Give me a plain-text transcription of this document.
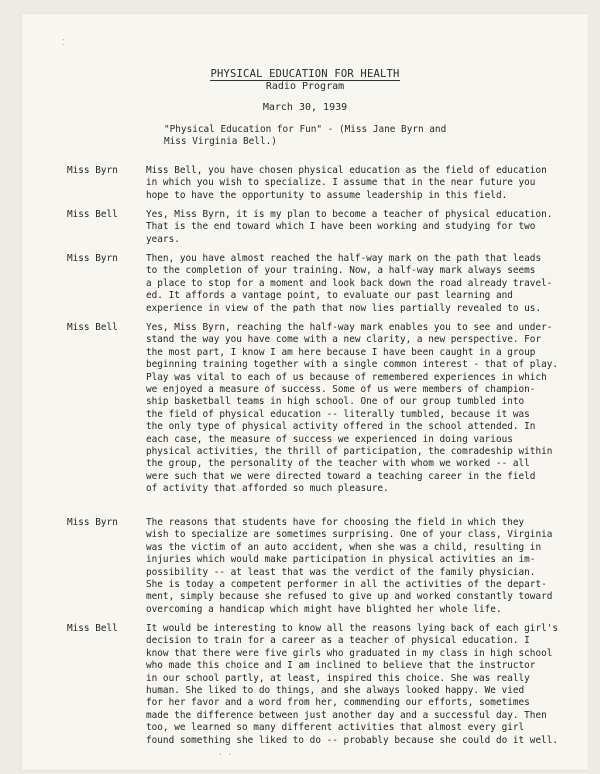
PHYSICAL EDUCATION FOR HEALTH
Radio Program
March 30, 1939
"Physical Education for Fun" - (Miss Jane Byrn and
Miss Virginia Bell.)
Miss Byrn	Miss Bell, you have chosen physical education as the field of education
in which you wish to specialize. I assume that in the near future you
hope to have the opportunity to assume leadership in this field.
Miss Bell	Yes, Miss Byrn, it is my plan to become a teacher of physical education.
That is the end toward which I have been working and studying for two
years.
Miss Byrn	Then, you have almost reached the half-way mark on the path that leads
to the completion of your training. Now, a half-way mark always seems
a place to stop for a moment and look back down the road already travel-
ed. It affords a vantage point, to evaluate our past learning and
experience in view of the path that now lies partially revealed to us.
Miss Bell	Yes, Miss Byrn, reaching the half-way mark enables you to see and under-
stand the way you have come with a new clarity, a new perspective. For
the most part, I know I am here because I have been caught in a group
beginning training together with a single common interest - that of play.
Play was vital to each of us because of remembered experiences in which
we enjoyed a measure of success. Some of us were members of champion-
ship basketball teams in high school. One of our group tumbled into
the field of physical education -- literally tumbled, because it was
the only type of physical activity offered in the school attended. In
each case, the measure of success we experienced in doing various
physical activities, the thrill of participation, the comradeship within
the group, the personality of the teacher with whom we worked -- all
were such that we were directed toward a teaching career in the field
of activity that afforded so much pleasure.
Miss Byrn	The reasons that students have for choosing the field in which they
wish to specialize are sometimes surprising. One of your class, Virginia
was the victim of an auto accident, when she was a child, resulting in
injuries which would make participation in physical activities an im-
possibility -- at least that was the verdict of the family physician.
She is today a competent performer in all the activities of the depart-
ment, simply because she refused to give up and worked constantly toward
overcoming a handicap which might have blighted her whole life.
Miss Bell	It would be interesting to know all the reasons lying back of each girl's
decision to train for a career as a teacher of physical education. I
know that there were five girls who graduated in my class in high school
who made this choice and I am inclined to believe that the instructor
in our school partly, at least, inspired this choice. She was really
human. She liked to do things, and she always looked happy. We vied
for her favor and a word from her, commending our efforts, sometimes
made the difference between just another day and a successful day. Then
too, we learned so many different activities that almost every girl
found something she liked to do -- probably because she could do it well.
⁚
· ·
